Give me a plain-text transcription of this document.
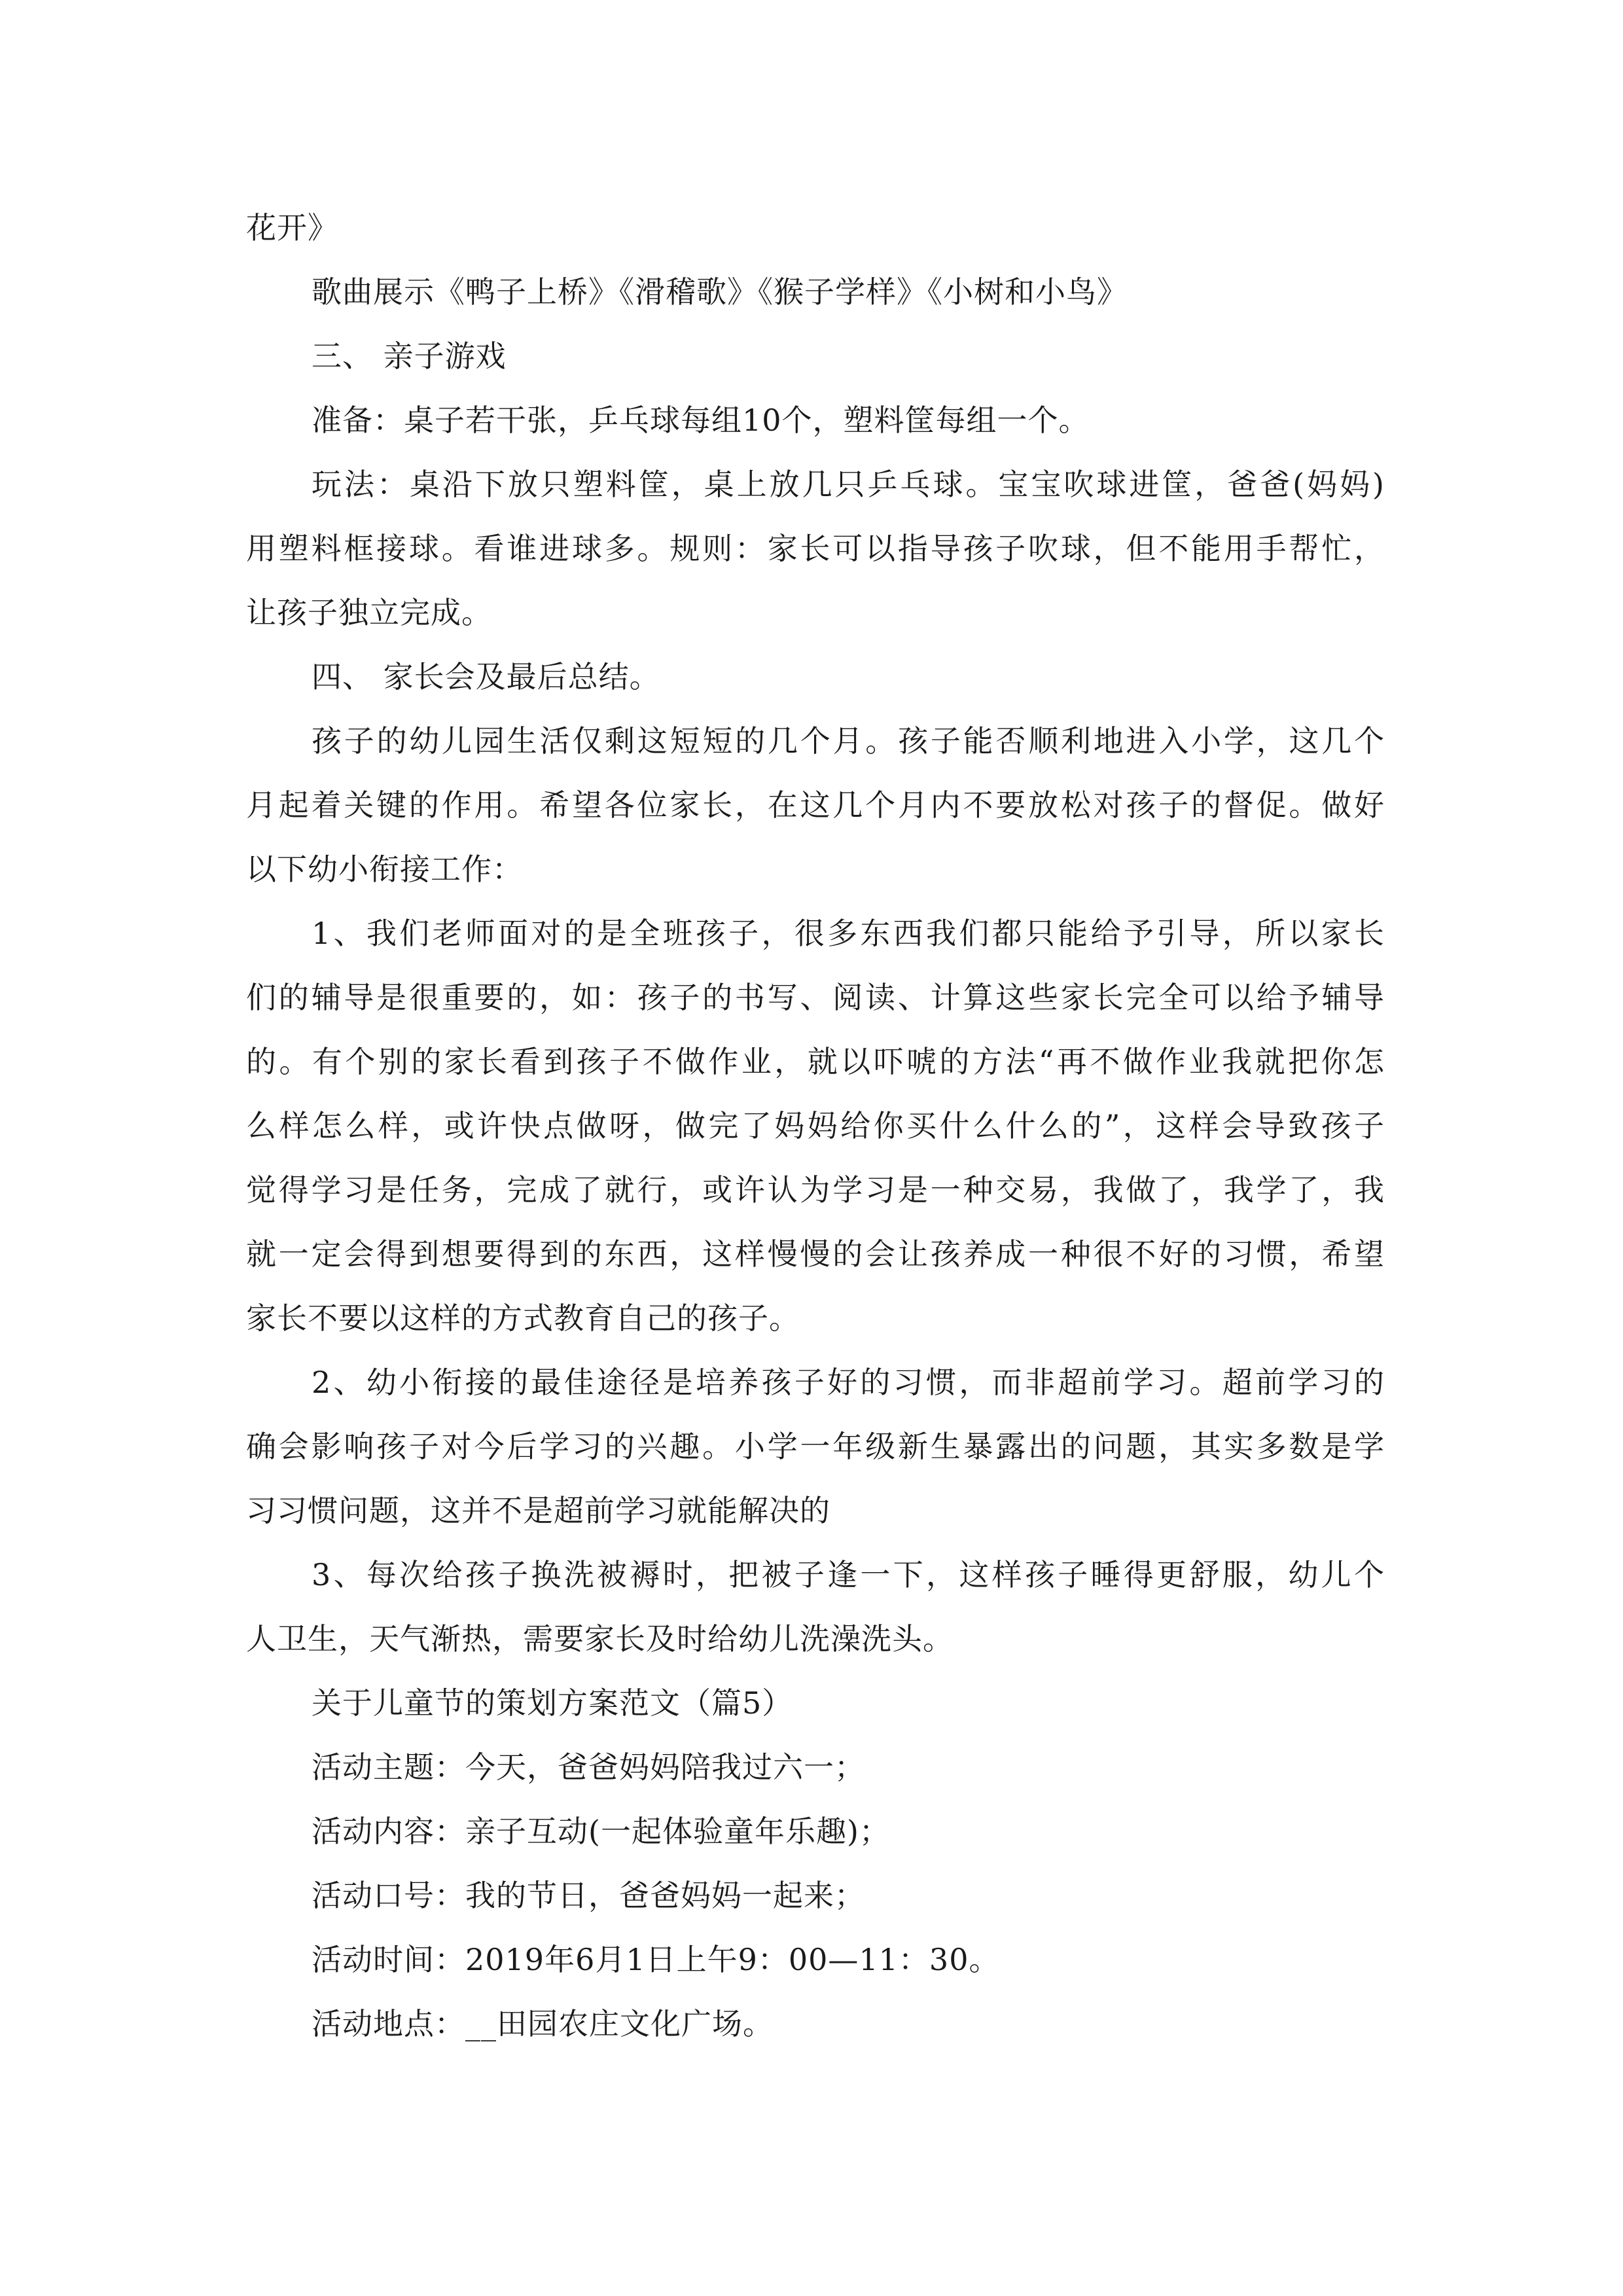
花开》
歌曲展示《鸭子上桥》《滑稽歌》《猴子学样》《小树和小鸟》
三、 亲子游戏
准备：桌子若干张，乒乓球每组10个，塑料筐每组一个。
玩法：桌沿下放只塑料筐，桌上放几只乒乓球。宝宝吹球进筐，爸爸(妈妈)
用塑料框接球。看谁进球多。规则：家长可以指导孩子吹球，但不能用手帮忙，
让孩子独立完成。
四、 家长会及最后总结。
孩子的幼儿园生活仅剩这短短的几个月。孩子能否顺利地进入小学，这几个
月起着关键的作用。希望各位家长，在这几个月内不要放松对孩子的督促。做好
以下幼小衔接工作：
1、我们老师面对的是全班孩子，很多东西我们都只能给予引导，所以家长
们的辅导是很重要的，如：孩子的书写、阅读、计算这些家长完全可以给予辅导
的。有个别的家长看到孩子不做作业，就以吓唬的方法“再不做作业我就把你怎
么样怎么样，或许快点做呀，做完了妈妈给你买什么什么的”，这样会导致孩子
觉得学习是任务，完成了就行，或许认为学习是一种交易，我做了，我学了，我
就一定会得到想要得到的东西，这样慢慢的会让孩养成一种很不好的习惯，希望
家长不要以这样的方式教育自己的孩子。
2、幼小衔接的最佳途径是培养孩子好的习惯，而非超前学习。超前学习的
确会影响孩子对今后学习的兴趣。小学一年级新生暴露出的问题，其实多数是学
习习惯问题，这并不是超前学习就能解决的
3、每次给孩子换洗被褥时，把被子逢一下，这样孩子睡得更舒服，幼儿个
人卫生，天气渐热，需要家长及时给幼儿洗澡洗头。
关于儿童节的策划方案范文（篇5）
活动主题：今天，爸爸妈妈陪我过六一；
活动内容：亲子互动(一起体验童年乐趣)；
活动口号：我的节日，爸爸妈妈一起来；
活动时间：2019年6月1日上午9：00—11：30。
活动地点：__田园农庄文化广场。
